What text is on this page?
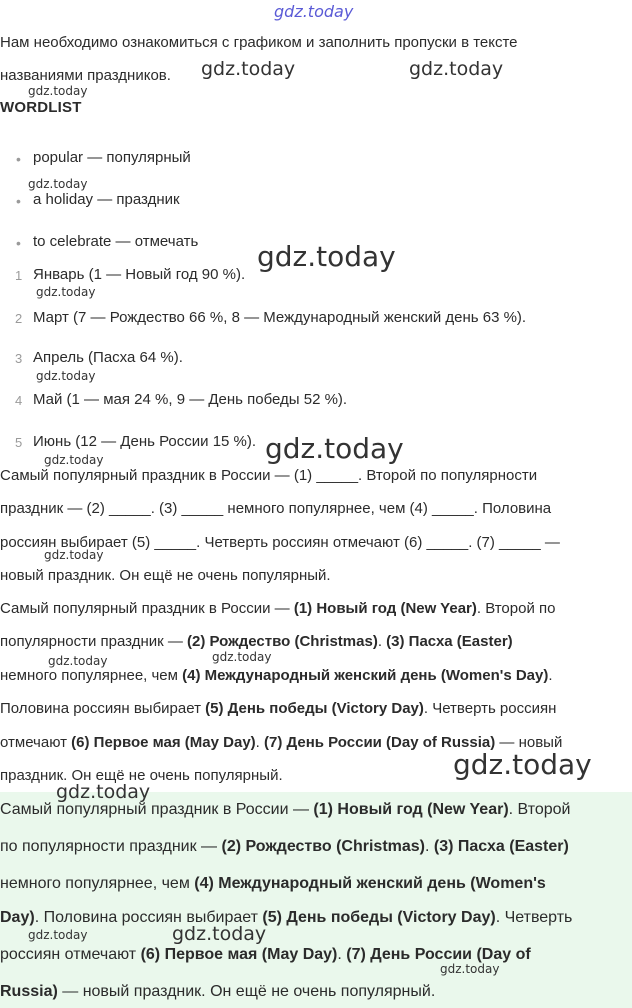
gdz.today
gdz.today	gdz.today
gdz.today
gdz.today
gdz.today
gdz.today
gdz.today
gdz.today
gdz.today
gdz.today
gdz.today	gdz.today
gdz.today
gdz.today
gdz.today	gdz.today
gdz.today
Нам необходимо ознакомиться с графиком и заполнить пропуски в тексте
названиями праздников.
WORDLIST
• popular — популярный
• a holiday — праздник
• to celebrate — отмечать
1 Январь (1 — Новый год 90 %).
2 Март (7 — Рождество 66 %, 8 — Международный женский день 63 %).
3 Апрель (Пасха 64 %).
4 Май (1 — мая 24 %, 9 — День победы 52 %).
5 Июнь (12 — День России 15 %).
Самый популярный праздник в России — (1) _____. Второй по популярности
праздник — (2) _____. (3) _____ немного популярнее, чем (4) _____. Половина
россиян выбирает (5) _____. Четверть россиян отмечают (6) _____. (7) _____ —
новый праздник. Он ещё не очень популярный.
Самый популярный праздник в России — (1) Новый год (New Year). Второй по
популярности праздник — (2) Рождество (Christmas). (3) Пасха (Easter)
немного популярнее, чем (4) Международный женский день (Women's Day).
Половина россиян выбирает (5) День победы (Victory Day). Четверть россиян
отмечают (6) Первое мая (May Day). (7) День России (Day of Russia) — новый
праздник. Он ещё не очень популярный.
Самый популярный праздник в России — (1) Новый год (New Year). Второй
по популярности праздник — (2) Рождество (Christmas). (3) Пасха (Easter)
немного популярнее, чем (4) Международный женский день (Women's
Day). Половина россиян выбирает (5) День победы (Victory Day). Четверть
россиян отмечают (6) Первое мая (May Day). (7) День России (Day of
Russia) — новый праздник. Он ещё не очень популярный.
